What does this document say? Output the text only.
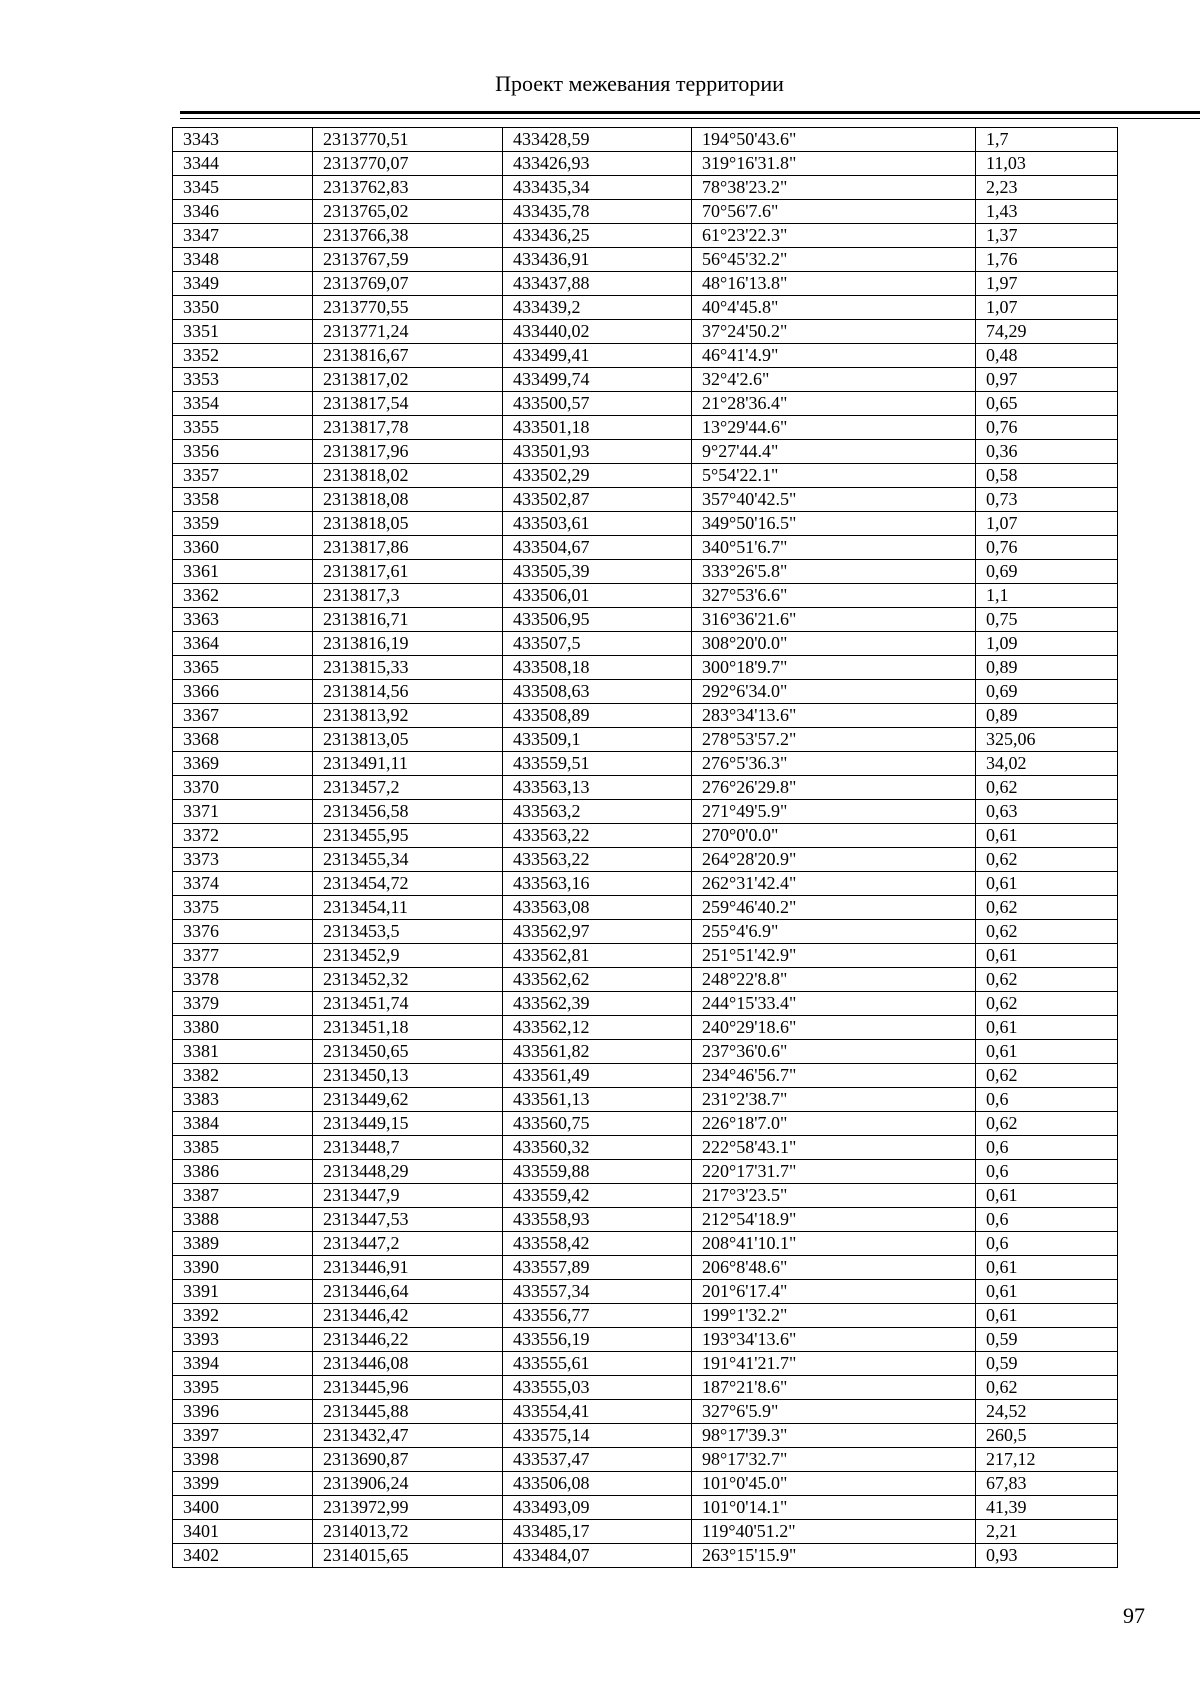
Проект межевания территории
3343	2313770,51	433428,59	194°50'43.6"	1,7
3344	2313770,07	433426,93	319°16'31.8"	11,03
3345	2313762,83	433435,34	78°38'23.2"	2,23
3346	2313765,02	433435,78	70°56'7.6"	1,43
3347	2313766,38	433436,25	61°23'22.3"	1,37
3348	2313767,59	433436,91	56°45'32.2"	1,76
3349	2313769,07	433437,88	48°16'13.8"	1,97
3350	2313770,55	433439,2	40°4'45.8"	1,07
3351	2313771,24	433440,02	37°24'50.2"	74,29
3352	2313816,67	433499,41	46°41'4.9"	0,48
3353	2313817,02	433499,74	32°4'2.6"	0,97
3354	2313817,54	433500,57	21°28'36.4"	0,65
3355	2313817,78	433501,18	13°29'44.6"	0,76
3356	2313817,96	433501,93	9°27'44.4"	0,36
3357	2313818,02	433502,29	5°54'22.1"	0,58
3358	2313818,08	433502,87	357°40'42.5"	0,73
3359	2313818,05	433503,61	349°50'16.5"	1,07
3360	2313817,86	433504,67	340°51'6.7"	0,76
3361	2313817,61	433505,39	333°26'5.8"	0,69
3362	2313817,3	433506,01	327°53'6.6"	1,1
3363	2313816,71	433506,95	316°36'21.6"	0,75
3364	2313816,19	433507,5	308°20'0.0"	1,09
3365	2313815,33	433508,18	300°18'9.7"	0,89
3366	2313814,56	433508,63	292°6'34.0"	0,69
3367	2313813,92	433508,89	283°34'13.6"	0,89
3368	2313813,05	433509,1	278°53'57.2"	325,06
3369	2313491,11	433559,51	276°5'36.3"	34,02
3370	2313457,2	433563,13	276°26'29.8"	0,62
3371	2313456,58	433563,2	271°49'5.9"	0,63
3372	2313455,95	433563,22	270°0'0.0"	0,61
3373	2313455,34	433563,22	264°28'20.9"	0,62
3374	2313454,72	433563,16	262°31'42.4"	0,61
3375	2313454,11	433563,08	259°46'40.2"	0,62
3376	2313453,5	433562,97	255°4'6.9"	0,62
3377	2313452,9	433562,81	251°51'42.9"	0,61
3378	2313452,32	433562,62	248°22'8.8"	0,62
3379	2313451,74	433562,39	244°15'33.4"	0,62
3380	2313451,18	433562,12	240°29'18.6"	0,61
3381	2313450,65	433561,82	237°36'0.6"	0,61
3382	2313450,13	433561,49	234°46'56.7"	0,62
3383	2313449,62	433561,13	231°2'38.7"	0,6
3384	2313449,15	433560,75	226°18'7.0"	0,62
3385	2313448,7	433560,32	222°58'43.1"	0,6
3386	2313448,29	433559,88	220°17'31.7"	0,6
3387	2313447,9	433559,42	217°3'23.5"	0,61
3388	2313447,53	433558,93	212°54'18.9"	0,6
3389	2313447,2	433558,42	208°41'10.1"	0,6
3390	2313446,91	433557,89	206°8'48.6"	0,61
3391	2313446,64	433557,34	201°6'17.4"	0,61
3392	2313446,42	433556,77	199°1'32.2"	0,61
3393	2313446,22	433556,19	193°34'13.6"	0,59
3394	2313446,08	433555,61	191°41'21.7"	0,59
3395	2313445,96	433555,03	187°21'8.6"	0,62
3396	2313445,88	433554,41	327°6'5.9"	24,52
3397	2313432,47	433575,14	98°17'39.3"	260,5
3398	2313690,87	433537,47	98°17'32.7"	217,12
3399	2313906,24	433506,08	101°0'45.0"	67,83
3400	2313972,99	433493,09	101°0'14.1"	41,39
3401	2314013,72	433485,17	119°40'51.2"	2,21
3402	2314015,65	433484,07	263°15'15.9"	0,93
97
